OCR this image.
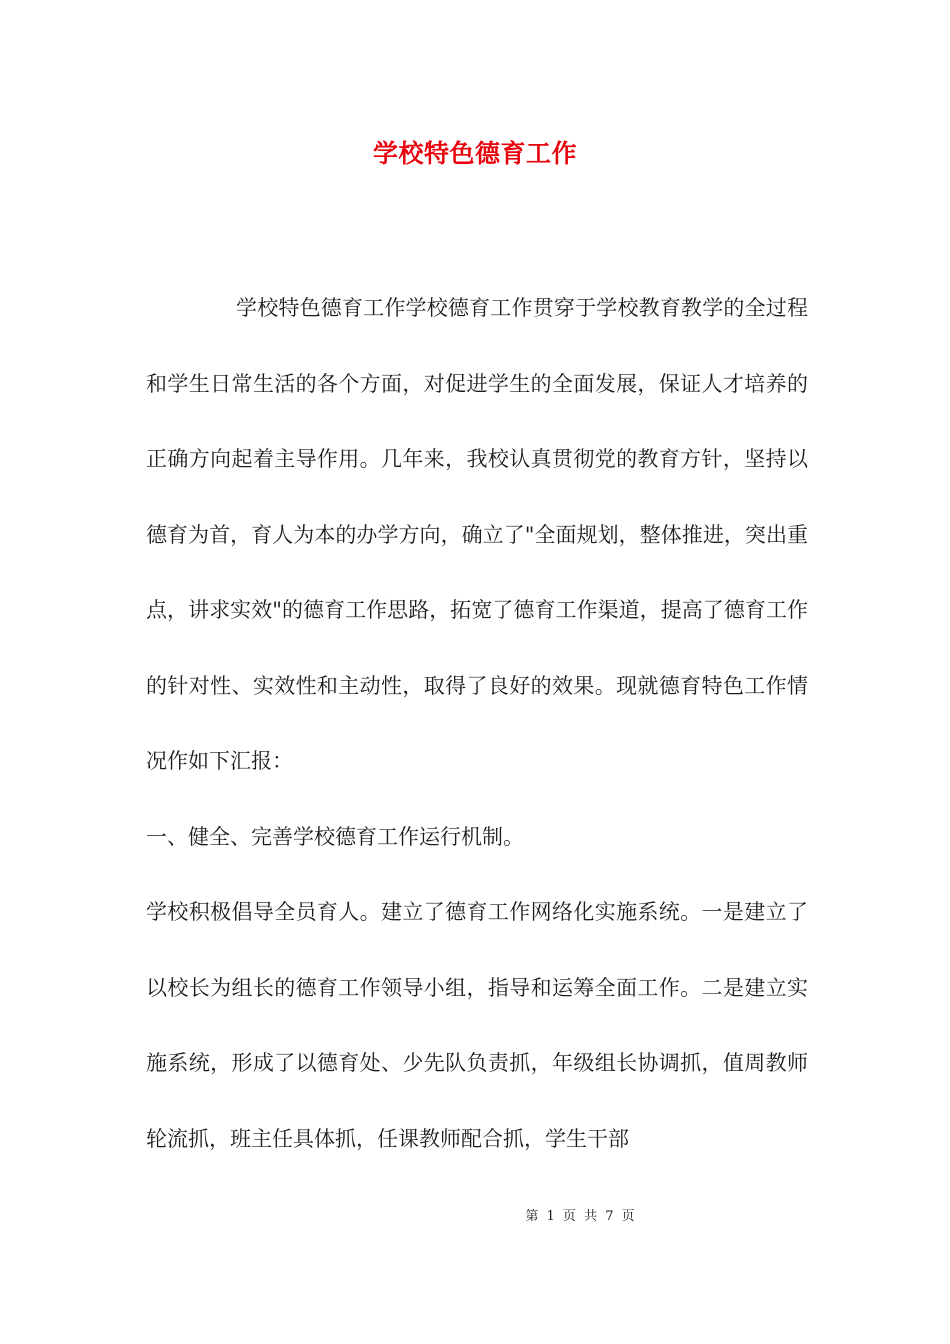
学校特色德育工作

学校特色德育工作学校德育工作贯穿于学校教育教学的全过程和学生日常生活的各个方面，对促进学生的全面发展，保证人才培养的正确方向起着主导作用。几年来，我校认真贯彻党的教育方针，坚持以德育为首，育人为本的办学方向，确立了"全面规划，整体推进，突出重点，讲求实效"的德育工作思路，拓宽了德育工作渠道，提高了德育工作的针对性、实效性和主动性，取得了良好的效果。现就德育特色工作情况作如下汇报：

一、健全、完善学校德育工作运行机制。

学校积极倡导全员育人。建立了德育工作网络化实施系统。一是建立了以校长为组长的德育工作领导小组，指导和运筹全面工作。二是建立实施系统，形成了以德育处、少先队负责抓，年级组长协调抓，值周教师轮流抓，班主任具体抓，任课教师配合抓，学生干部

第 1 页 共 7 页
